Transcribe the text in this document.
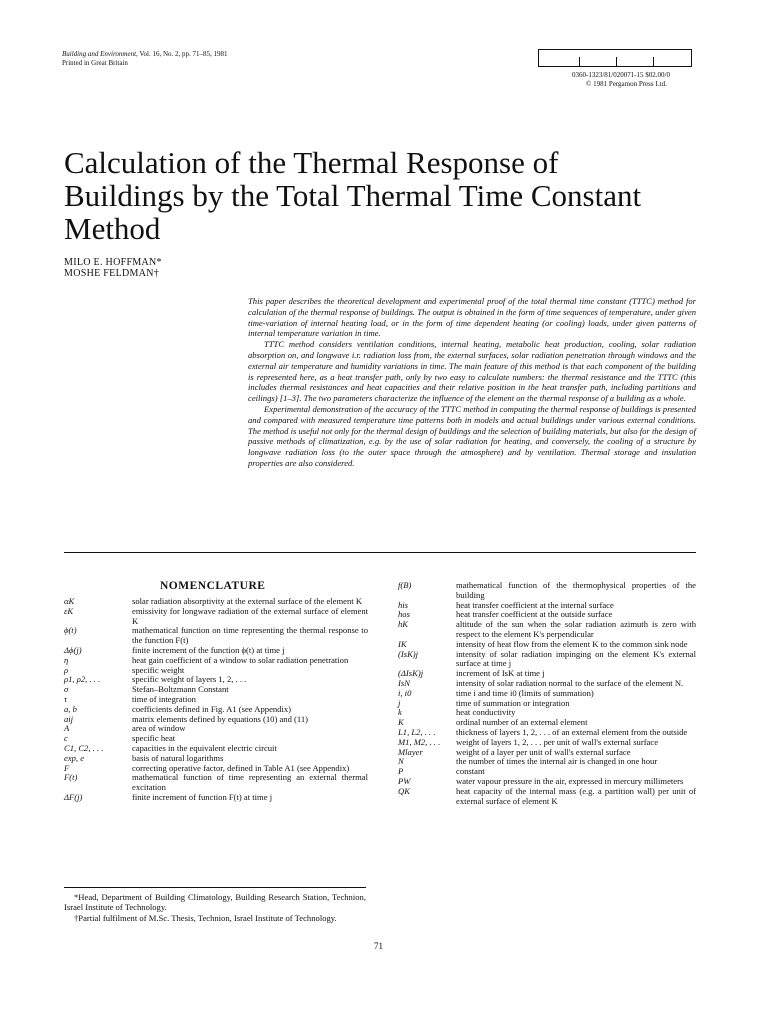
Building and Environment, Vol. 16, No. 2, pp. 71–85, 1981
Printed in Great Britain
0360-1323/81/020071-15 $02.00/0
© 1981 Pergamon Press Ltd.
Calculation of the Thermal Response of Buildings by the Total Thermal Time Constant Method
MILO E. HOFFMAN*
MOSHE FELDMAN†

This paper describes the theoretical development and experimental proof of the total thermal time constant (TTTC) method for calculation of the thermal response of buildings. The output is obtained in the form of time sequences of temperature, under given time-variation of internal heating load, or in the form of time dependent heating (or cooling) loads, under given patterns of internal temperature variation in time.

TTTC method considers ventilation conditions, internal heating, metabolic heat production, cooling, solar radiation absorption on, and longwave i.r. radiation loss from, the external surfaces, solar radiation penetration through windows and the external air temperature and humidity variations in time. The main feature of this method is that each component of the building is represented here, as a heat transfer path, only by two easy to calculate numbers: the thermal resistance and the TTTC (this includes thermal resistances and heat capacities and their relative position in the heat transfer path, including partitions and ceilings) [1–3]. The two parameters characterize the influence of the element on the thermal response of a building as a whole.

Experimental demonstration of the accuracy of the TTTC method in computing the thermal response of buildings is presented and compared with measured temperature time patterns both in models and actual buildings under various external conditions. The method is useful not only for the thermal design of buildings and the selection of building materials, but also for the design of passive methods of climatization, e.g. by the use of solar radiation for heating, and conversely, the cooling of a structure by longwave radiation loss (to the outer space through the atmosphere) and by ventilation. Thermal storage and insulation properties are also considered.

NOMENCLATURE
αK	solar radiation absorptivity at the external surface of the element K
εK	emissivity for longwave radiation of the external surface of element K
ϕ(t)	mathematical function on time representing the thermal response to the function F(t)
Δϕ(j)	finite increment of the function ϕ(t) at time j
η	heat gain coefficient of a window to solar radiation penetration
ρ	specific weight
ρ1, ρ2, . . .	specific weight of layers 1, 2, . . .
σ	Stefan–Boltzmann Constant
τ	time of integration
a, b	coefficients defined in Fig. A1 (see Appendix)
aij	matrix elements defined by equations (10) and (11)
A	area of window
c	specific heat
C1, C2, . . .	capacities in the equivalent electric circuit
exp, e	basis of natural logarithms
F	correcting operative factor, defined in Table A1 (see Appendix)
F(t)	mathematical function of time representing an external thermal excitation
ΔF(j)	finite increment of function F(t) at time j
f(B)	mathematical function of the thermophysical properties of the building
his	heat transfer coefficient at the internal surface
hos	heat transfer coefficient at the outside surface
hK	altitude of the sun when the solar radiation azimuth is zero with respect to the element K's perpendicular
IK	intensity of heat flow from the element K to the common sink node
(IsK)j	intensity of solar radiation impinging on the element K's external surface at time j
(ΔIsK)j	increment of IsK at time j
IsN	intensity of solar radiation normal to the surface of the element N.
i, i0	time i and time i0 (limits of summation)
j	time of summation or integration
k	heat conductivity
K	ordinal number of an external element
L1, L2, . . .	thickness of layers 1, 2, . . . of an external element from the outside
M1, M2, . . .	weight of layers 1, 2, . . . per unit of wall's external surface
Mlayer	weight of a layer per unit of wall's external surface
N	the number of times the internal air is changed in one hour
P	constant
PW	water vapour pressure in the air, expressed in mercury millimeters
QK	heat capacity of the internal mass (e.g. a partition wall) per unit of external surface of element K

*Head, Department of Building Climatology, Building Research Station, Technion, Israel Institute of Technology.

†Partial fulfilment of M.Sc. Thesis, Technion, Israel Institute of Technology.

71
